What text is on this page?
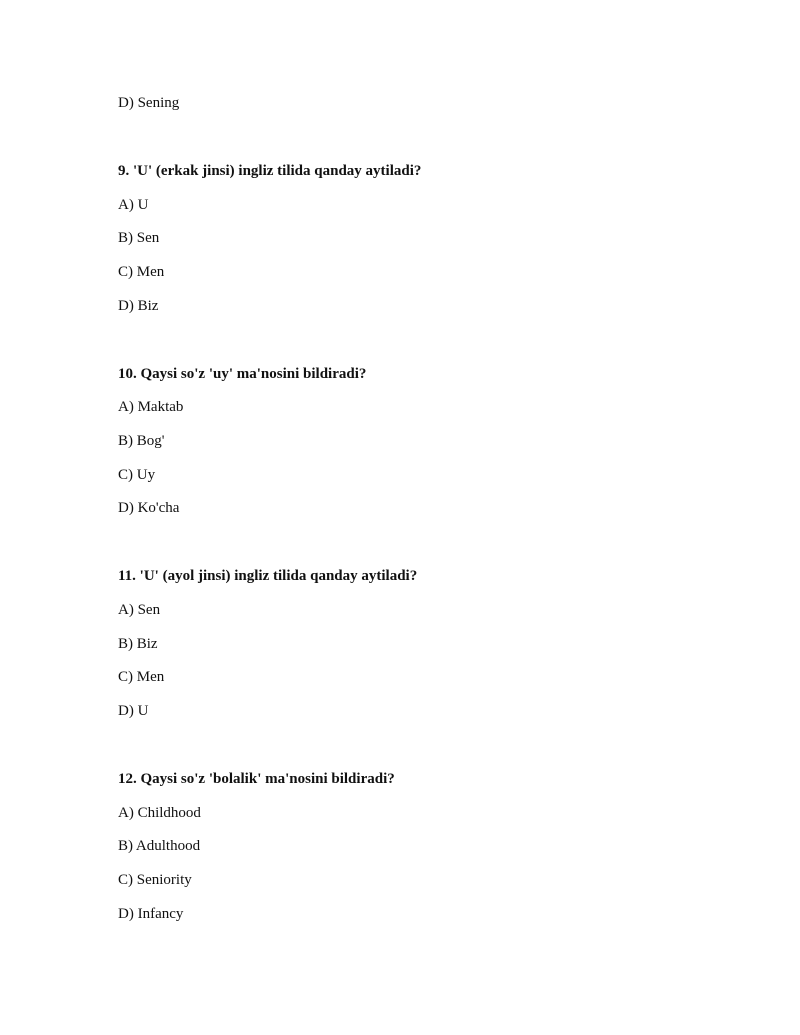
D) Sening
9. 'U' (erkak jinsi) ingliz tilida qanday aytiladi?
A) U
B) Sen
C) Men
D) Biz
10. Qaysi so'z 'uy' ma'nosini bildiradi?
A) Maktab
B) Bog'
C) Uy
D) Ko'cha
11. 'U' (ayol jinsi) ingliz tilida qanday aytiladi?
A) Sen
B) Biz
C) Men
D) U
12. Qaysi so'z 'bolalik' ma'nosini bildiradi?
A) Childhood
B) Adulthood
C) Seniority
D) Infancy
